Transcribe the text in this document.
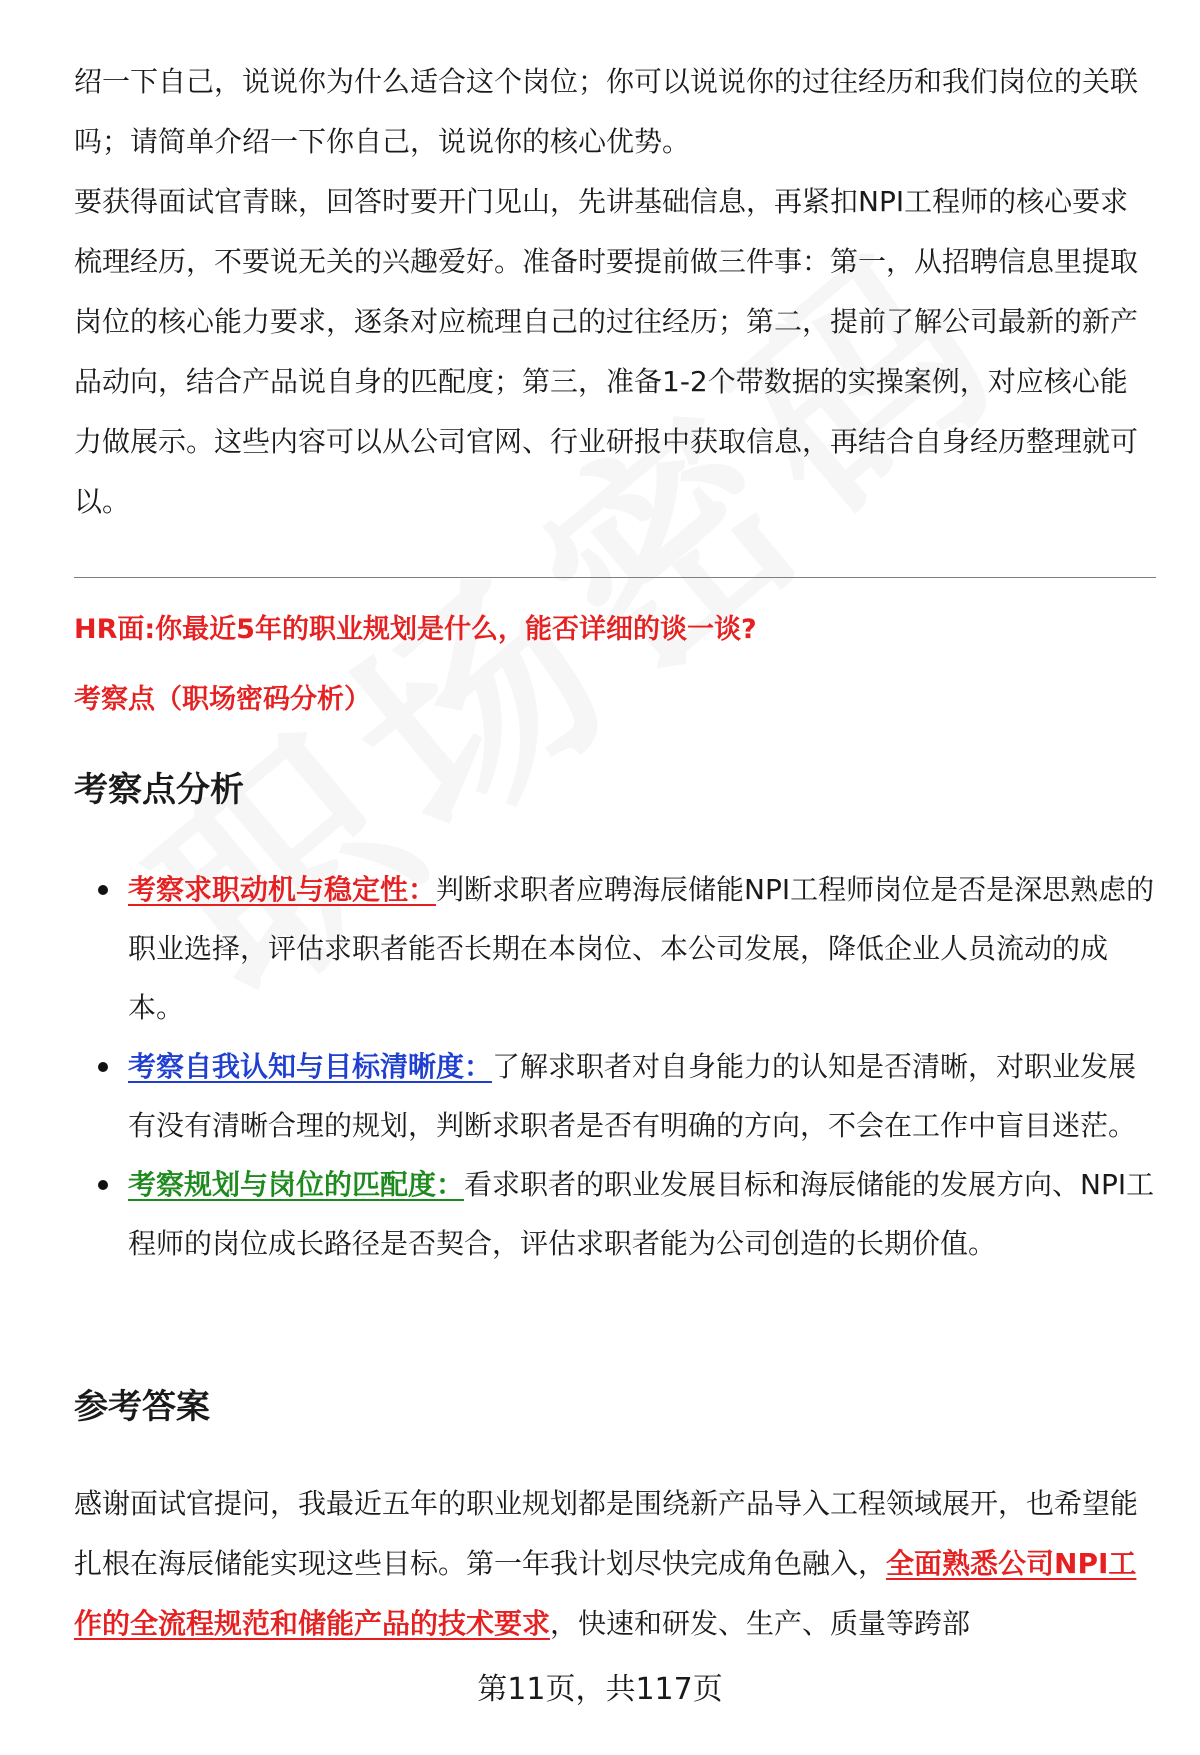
绍一下自己，说说你为什么适合这个岗位；你可以说说你的过往经历和我们岗位的关联吗；请简单介绍一下你自己，说说你的核心优势。

要获得面试官青睐，回答时要开门见山，先讲基础信息，再紧扣NPI工程师的核心要求梳理经历，不要说无关的兴趣爱好。准备时要提前做三件事：第一，从招聘信息里提取岗位的核心能力要求，逐条对应梳理自己的过往经历；第二，提前了解公司最新的新产品动向，结合产品说自身的匹配度；第三，准备1-2个带数据的实操案例，对应核心能力做展示。这些内容可以从公司官网、行业研报中获取信息，再结合自身经历整理就可以。

HR面:你最近5年的职业规划是什么，能否详细的谈一谈?
考察点（职场密码分析）
考察点分析
考察求职动机与稳定性：判断求职者应聘海辰储能NPI工程师岗位是否是深思熟虑的职业选择，评估求职者能否长期在本岗位、本公司发展，降低企业人员流动的成本。
考察自我认知与目标清晰度：了解求职者对自身能力的认知是否清晰，对职业发展有没有清晰合理的规划，判断求职者是否有明确的方向，不会在工作中盲目迷茫。
考察规划与岗位的匹配度：看求职者的职业发展目标和海辰储能的发展方向、NPI工程师的岗位成长路径是否契合，评估求职者能为公司创造的长期价值。
参考答案

感谢面试官提问，我最近五年的职业规划都是围绕新产品导入工程领域展开，也希望能扎根在海辰储能实现这些目标。第一年我计划尽快完成角色融入，全面熟悉公司NPI工作的全流程规范和储能产品的技术要求，快速和研发、生产、质量等跨部

第11页，共117页
